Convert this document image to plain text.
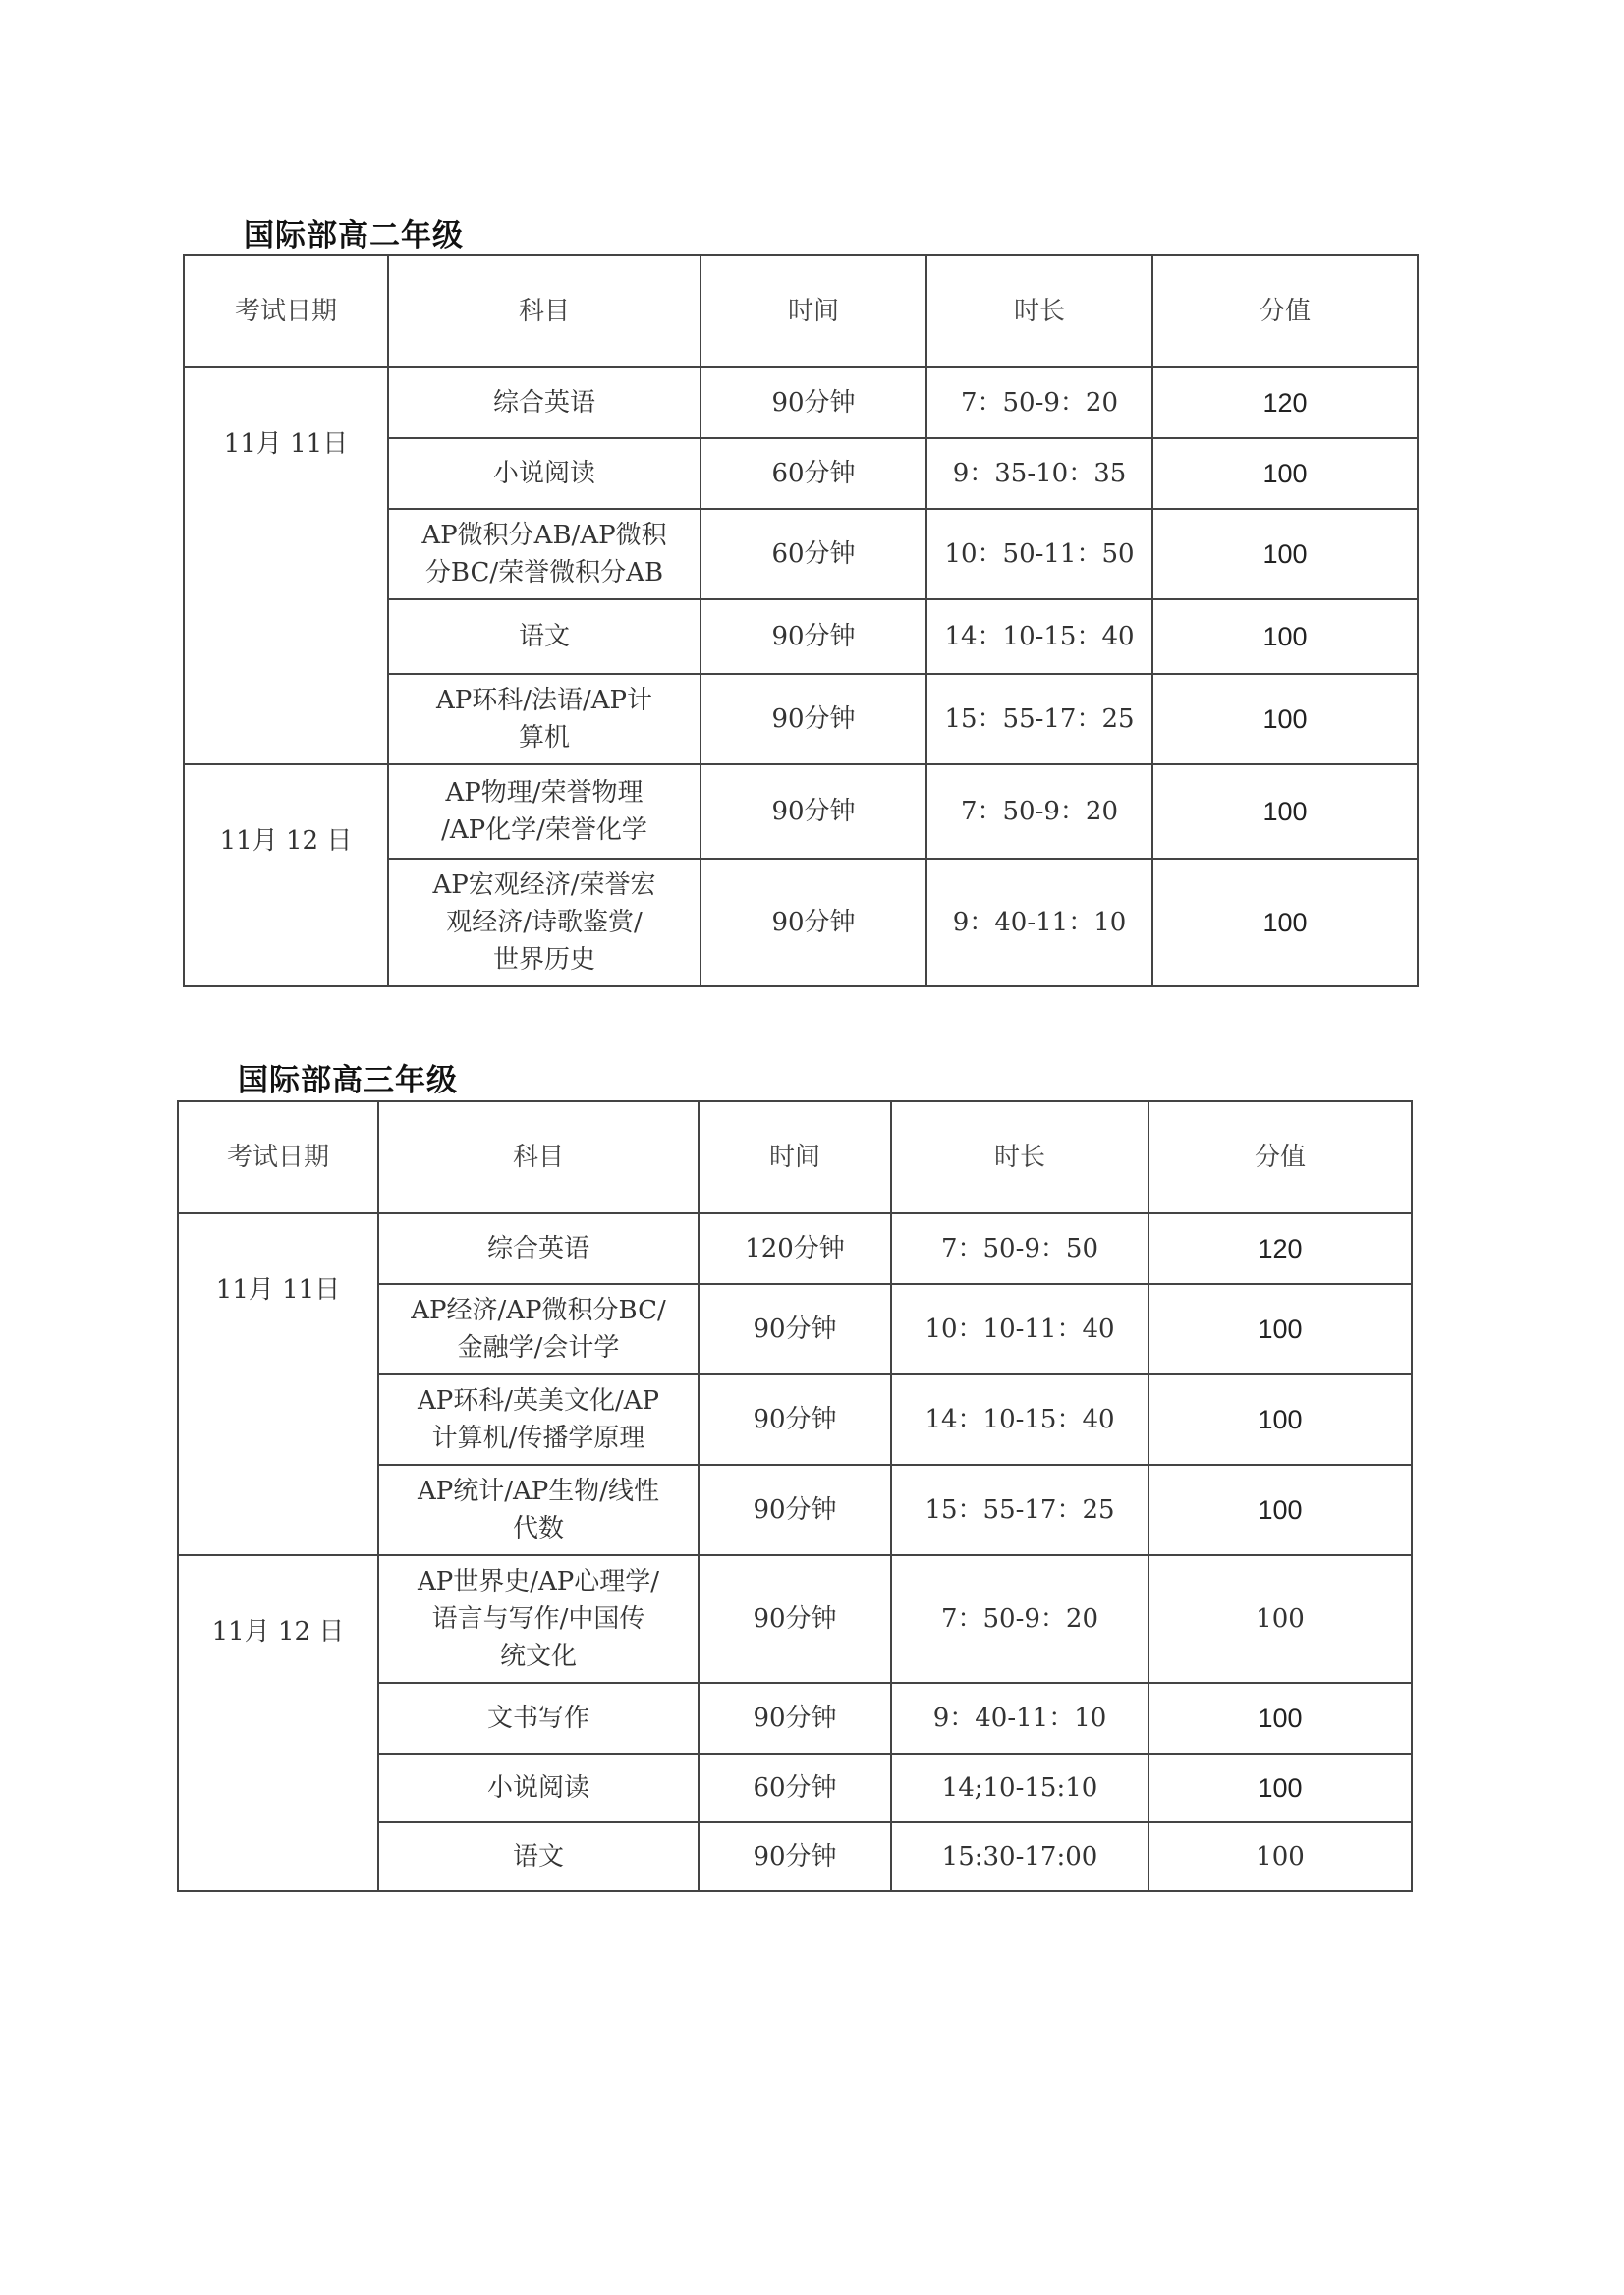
国际部高二年级
考试日期	科目	时间	时长	分值
11月 11日	综合英语	90分钟	7：50-9：20	120

	小说阅读	60分钟	9：35-10：35	100

	AP微积分AB/AP微积
分BC/荣誉微积分AB	60分钟	10：50-11：50	100

	语文	90分钟	14：10-15：40	100

	AP环科/法语/AP计
算机	90分钟	15：55-17：25	100
11月 12 日	AP物理/荣誉物理
/AP化学/荣誉化学	90分钟	7：50-9：20	100

	AP宏观经济/荣誉宏
观经济/诗歌鉴赏/
世界历史	90分钟	9：40-11：10	100
国际部高三年级
考试日期	科目	时间	时长	分值
11月 11日	综合英语	120分钟	7：50-9：50	120

	AP经济/AP微积分BC/
金融学/会计学	90分钟	10：10-11：40	100

	AP环科/英美文化/AP
计算机/传播学原理	90分钟	14：10-15：40	100

	AP统计/AP生物/线性
代数	90分钟	15：55-17：25	100
11月 12 日	AP世界史/AP心理学/
语言与写作/中国传
统文化	90分钟	7：50-9：20	100

	文书写作	90分钟	9：40-11：10	100

	小说阅读	60分钟	14;10-15:10	100

	语文	90分钟	15:30-17:00	100
